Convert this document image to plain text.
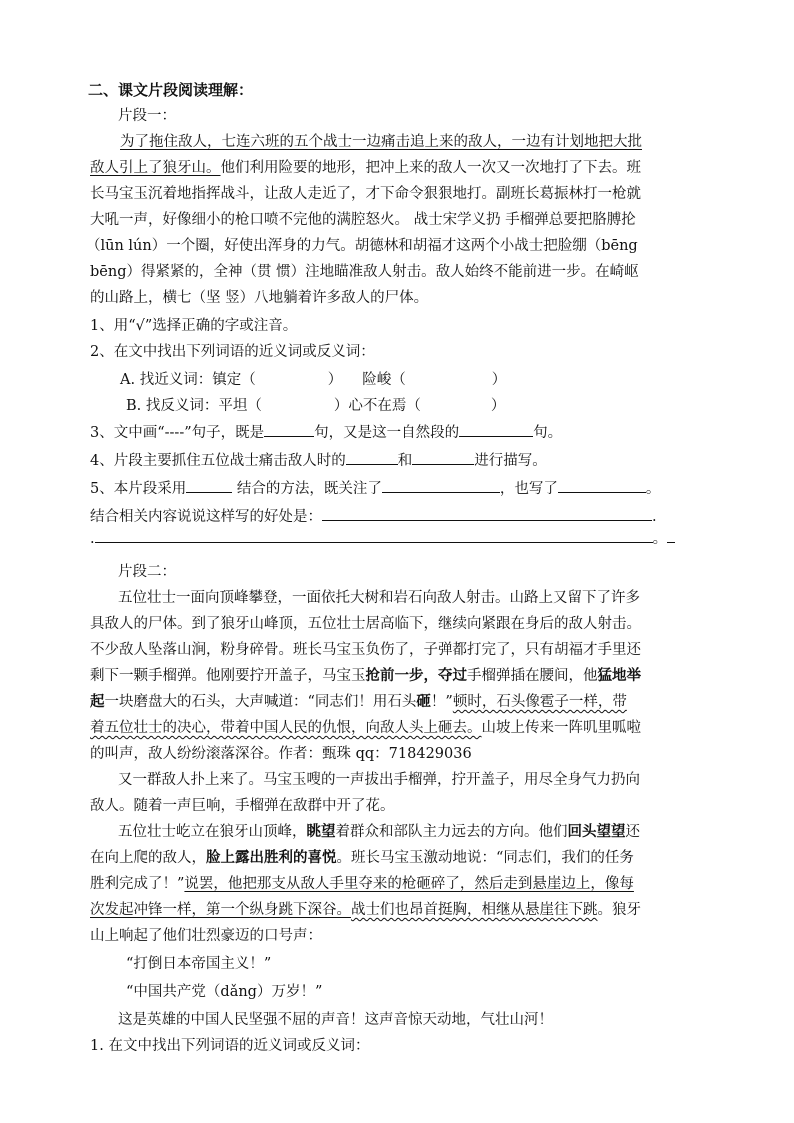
二、课文片段阅读理解：
片段一：
为了拖住敌人，七连六班的五个战士一边痛击追上来的敌人，一边有计划地把大批
敌人引上了狼牙山。他们利用险要的地形，把冲上来的敌人一次又一次地打了下去。班
长马宝玉沉着地指挥战斗，让敌人走近了，才下命令狠狠地打。副班长葛振林打一枪就
大吼一声，好像细小的枪口喷不完他的满腔怒火。 战士宋学义扔 手榴弹总要把胳膊抡
（lūn lún）一个圈，好使出浑身的力气。胡德林和胡福才这两个小战士把脸绷（bēng
bēng）得紧紧的，全神（贯 惯）注地瞄准敌人射击。敌人始终不能前进一步。在崎岖
的山路上，横七（坚 竖）八地躺着许多敌人的尸体。
1、用“√”选择正确的字或注音。
2、在文中找出下列词语的近义词或反义词：
A. 找近义词：镇定（	） 险峻（	）
B. 找反义词：平坦（	）心不在焉（	）
3、文中画“----”句子，既是	句，又是这一自然段的	句。
4、片段主要抓住五位战士痛击敌人时的	和	进行描写。
5、本片段采用	结合的方法，既关注了	，也写了	。
结合相关内容说说这样写的好处是：	.
.	。
片段二：
五位壮士一面向顶峰攀登，一面依托大树和岩石向敌人射击。山路上又留下了许多
具敌人的尸体。到了狼牙山峰顶，五位壮士居高临下，继续向紧跟在身后的敌人射击。
不少敌人坠落山涧，粉身碎骨。班长马宝玉负伤了，子弹都打完了，只有胡福才手里还
剩下一颗手榴弹。他刚要拧开盖子，马宝玉抢前一步，夺过手榴弹插在腰间，他猛地举
起一块磨盘大的石头，大声喊道：“同志们！用石头砸！”顿时，石头像雹子一样，带
着五位壮士的决心，带着中国人民的仇恨，向敌人头上砸去。山坡上传来一阵叽里呱啦
的叫声，敌人纷纷滚落深谷。作者：甄珠 qq：718429036
又一群敌人扑上来了。马宝玉嗖的一声拔出手榴弹，拧开盖子，用尽全身气力扔向
敌人。随着一声巨响，手榴弹在敌群中开了花。
五位壮士屹立在狼牙山顶峰，眺望着群众和部队主力远去的方向。他们回头望望还
在向上爬的敌人，脸上露出胜利的喜悦。班长马宝玉激动地说：“同志们，我们的任务
胜利完成了！”说罢，他把那支从敌人手里夺来的枪砸碎了，然后走到悬崖边上，像每
次发起冲锋一样，第一个纵身跳下深谷。战士们也昂首挺胸，相继从悬崖往下跳。狼牙
山上响起了他们壮烈豪迈的口号声：
“打倒日本帝国主义！”
“中国共产党（dǎng）万岁！”
这是英雄的中国人民坚强不屈的声音！这声音惊天动地，气壮山河！
1. 在文中找出下列词语的近义词或反义词：
